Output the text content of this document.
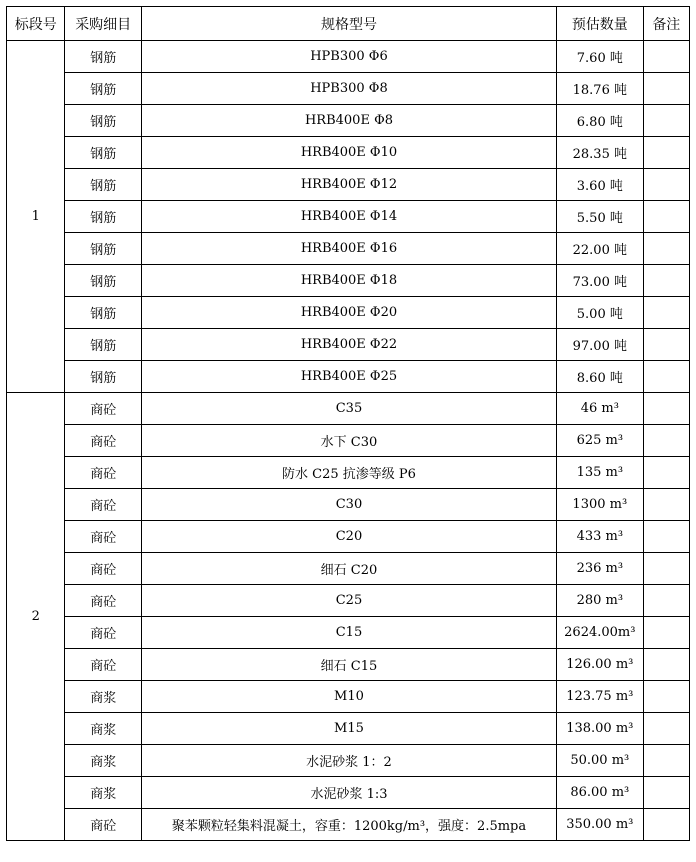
标段号	采购细目	规格型号	预估数量	备注
1	钢筋	HPB300 Φ6	7.60 吨	
	钢筋	HPB300 Φ8	18.76 吨	
	钢筋	HRB400E Φ8	6.80 吨	
	钢筋	HRB400E Φ10	28.35 吨	
	钢筋	HRB400E Φ12	3.60 吨	
	钢筋	HRB400E Φ14	5.50 吨	
	钢筋	HRB400E Φ16	22.00 吨	
	钢筋	HRB400E Φ18	73.00 吨	
	钢筋	HRB400E Φ20	5.00 吨	
	钢筋	HRB400E Φ22	97.00 吨	
	钢筋	HRB400E Φ25	8.60 吨	
2	商砼	C35	46 m³	
	商砼	水下 C30	625 m³	
	商砼	防水 C25 抗渗等级 P6	135 m³	
	商砼	C30	1300 m³	
	商砼	C20	433 m³	
	商砼	细石 C20	236 m³	
	商砼	C25	280 m³	
	商砼	C15	2624.00m³	
	商砼	细石 C15	126.00 m³	
	商浆	M10	123.75 m³	
	商浆	M15	138.00 m³	
	商浆	水泥砂浆 1：2	50.00 m³	
	商浆	水泥砂浆 1:3	86.00 m³	
	商砼	聚苯颗粒轻集料混凝土，容重：1200kg/m³，强度：2.5mpa	350.00 m³	
